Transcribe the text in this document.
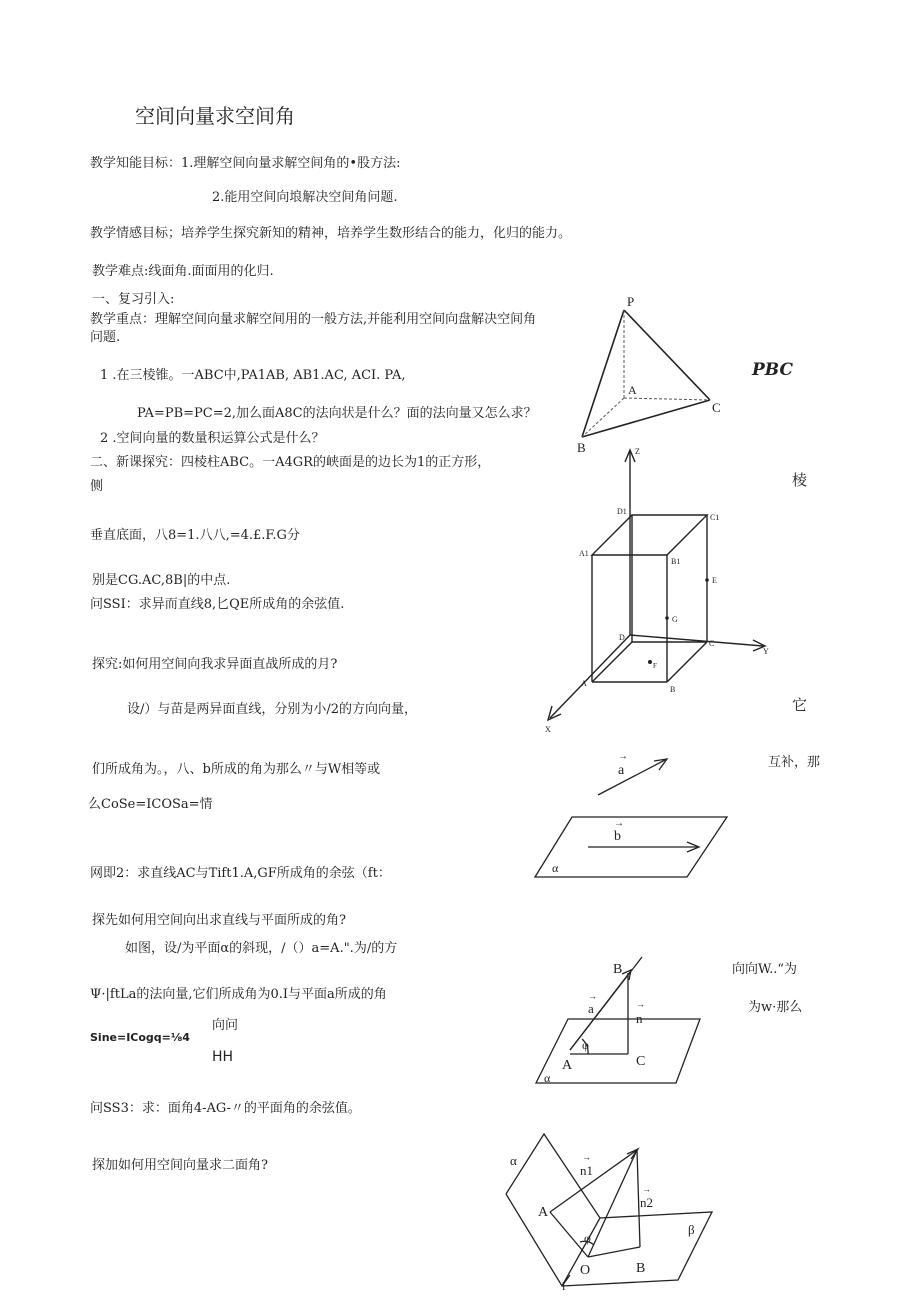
空间向量求空间角
教学知能目标：1.理解空间向量求解空间角的•股方法:
2.能用空间向埌解决空间角问题.
教学情感目标；培养学生探究新知的精神，培养学生数形结合的能力，化归的能力。
教学难点:线面角.面面用的化归.
一、复习引入:
教学重点：理解空间向量求解空间用的一般方法,并能利用空间向盘解决空间角
问题.
1 .在三棱锥。一ABC中,PA1AB, AB1.AC, ACI. PA,
PA=PB=PC=2,加么面A8C的法向状是什么？面的法向量又怎么求？
2 .空间向量的数量积运算公式是什么？
二、新课探究：四棱柱ABC。一A4GR的峡面是的边长为1的正方形，
侧
垂直底面，八8=1.八八,=4.£.F.G分
别是CG.AC,8B|的中点.
问SSI：求异而直线8,匕QE所成角的余弦值.
探究:如何用空间向我求异面直战所成的月?
设/）与苗是两异面直线，分别为小/2的方向向量，
们所成角为。，八、b所成的角为那么〃与W相等或
么CoSe=ICOSa=情
网即2：求直线AC与Tift1.A,GF所成角的余弦（ft：
探先如何用空间向出求直线与平面所成的角?
如图，设/为平面α的斜现，/（）a=A.".为/的方
Ψ·|ftLa的法向量,它们所成角为0.I与平面a所成的角
Sine=ICogq=⅛4
向问
HH
问SS3：求：面角4-AG-〃的平面角的余弦值。
探加如何用空间向量求二面角?
PBC
棱
它
互补，那
向向W..“为
为w·那么
P
A
B
C
Z
Y
X
D1
C1
A1
B1
E
G
D
C
A
B
F
a
→
b
→
α
B
a
→
n
→
φ
A	C
α
α
n1
→
n2
→
A
φ
β
O	B
l
